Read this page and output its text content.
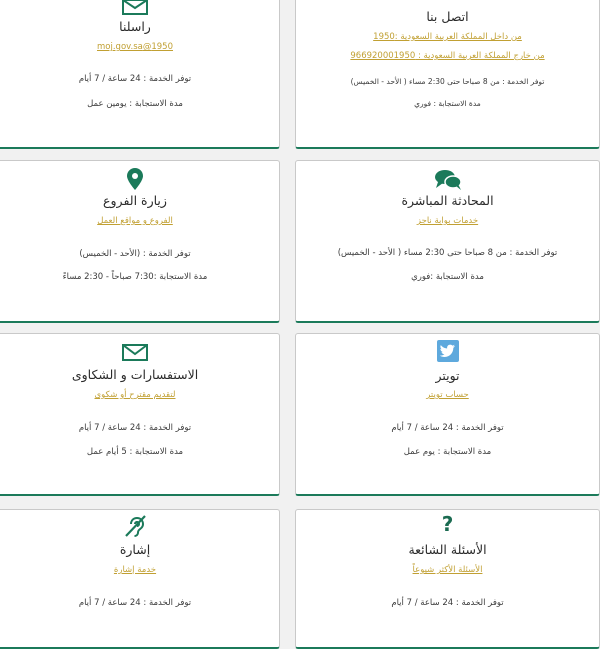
اتصل بنا
من داخل المملكة العربية السعودية :1950
من خارج المملكة العربية السعودية : 966920001950
توفر الخدمة : من 8 صباحا حتى 2:30 مساء ( الأحد - الخميس)
مدة الاستجابة : فوري
راسلنا
1950@moj.gov.sa
توفر الخدمة : 24 ساعة / 7 أيام
مدة الاستجابة : يومين عمل
المحادثة المباشرة
خدمات بوابة ناجز
توفر الخدمة : من 8 صباحا حتى 2:30 مساء ( الأحد - الخميس)
مدة الاستجابة :فوري
زيارة الفروع
الفروع و مواقع العمل
توفر الخدمة : (الأحد - الخميس)
مدة الاستجابة :7:30 صباحاً - 2:30 مساءً
تويتر
حساب تويتر
توفر الخدمة : 24 ساعة / 7 أيام
مدة الاستجابة : يوم عمل
الاستفسارات و الشكاوى
لتقديم مقترح أو شكوى
توفر الخدمة : 24 ساعة / 7 أيام
مدة الاستجابة : 5 أيام عمل
?
الأسئلة الشائعة
الأسئلة الأكثر شيوعاً
توفر الخدمة : 24 ساعة / 7 أيام
إشارة
خدمة إشارة
توفر الخدمة : 24 ساعة / 7 أيام
